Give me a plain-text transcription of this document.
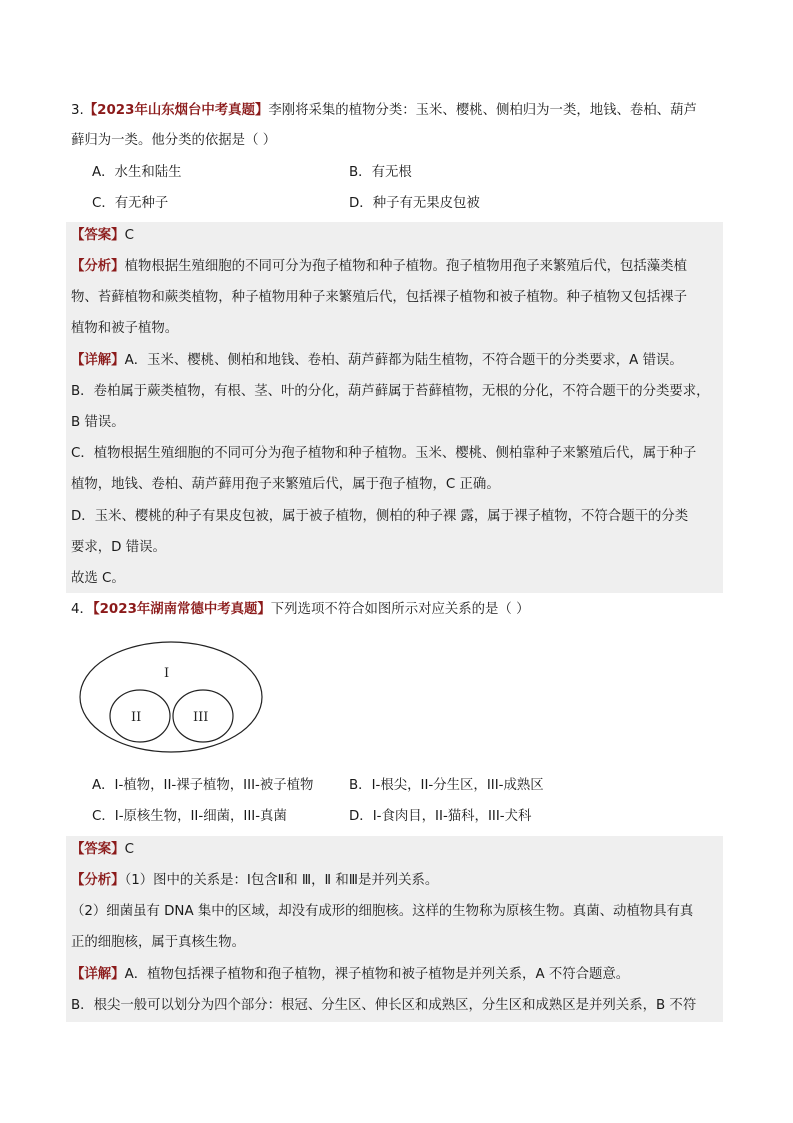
3.【2023年山东烟台中考真题】李刚将采集的植物分类：玉米、樱桃、侧柏归为一类，地钱、卷柏、葫芦
藓归为一类。他分类的依据是（ ）
A．水生和陆生	B．有无根
C．有无种子	D．种子有无果皮包被
【答案】C
【分析】植物根据生殖细胞的不同可分为孢子植物和种子植物。孢子植物用孢子来繁殖后代，包括藻类植
物、苔藓植物和蕨类植物，种子植物用种子来繁殖后代，包括裸子植物和被子植物。种子植物又包括裸子
植物和被子植物。
【详解】A．玉米、樱桃、侧柏和地钱、卷柏、葫芦藓都为陆生植物，不符合题干的分类要求，A 错误。
B．卷柏属于蕨类植物，有根、茎、叶的分化，葫芦藓属于苔藓植物，无根的分化，不符合题干的分类要求，
B 错误。
C．植物根据生殖细胞的不同可分为孢子植物和种子植物。玉米、樱桃、侧柏靠种子来繁殖后代，属于种子
植物，地钱、卷柏、葫芦藓用孢子来繁殖后代，属于孢子植物，C 正确。
D．玉米、樱桃的种子有果皮包被，属于被子植物，侧柏的种子裸 露，属于裸子植物，不符合题干的分类
要求，D 错误。
故选 C。
4．【2023年湖南常德中考真题】下列选项不符合如图所示对应关系的是（ ）
I
II	III
A．I-植物，II-裸子植物，III-被子植物	B．I-根尖，II-分生区，III-成熟区
C．I-原核生物，II-细菌，III-真菌	D．I-食肉目，II-猫科，III-犬科
【答案】C
【分析】（1）图中的关系是：Ⅰ包含Ⅱ和 Ⅲ，Ⅱ 和Ⅲ是并列关系。
（2）细菌虽有 DNA 集中的区域，却没有成形的细胞核。这样的生物称为原核生物。真菌、动植物具有真
正的细胞核，属于真核生物。
【详解】A．植物包括裸子植物和孢子植物，裸子植物和被子植物是并列关系，A 不符合题意。
B．根尖一般可以划分为四个部分：根冠、分生区、伸长区和成熟区，分生区和成熟区是并列关系，B 不符
